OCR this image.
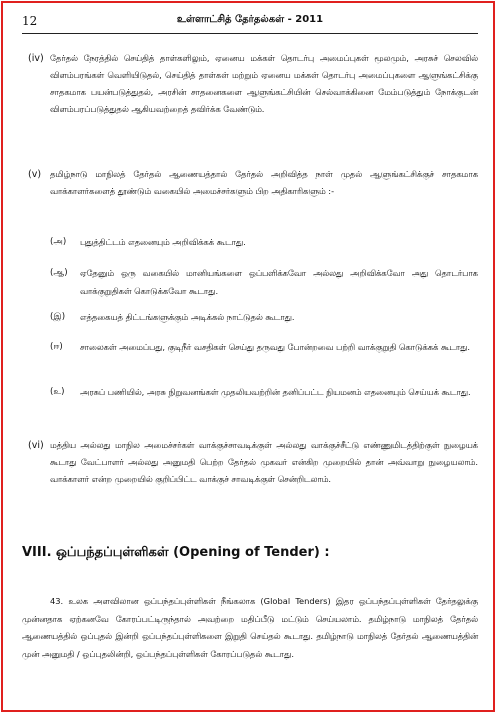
12	உள்ளாட்சித் தேர்தல்கள் - 2011
(iv) தேர்தல் நேரத்தில் செய்தித் தாள்களிலும், ஏனைய மக்கள் தொடர்பு அமைப்புகள் மூலமும், அரசுச் செலவில் விளம்பரங்கள் வெளியிடுதல், செய்தித் தாள்கள் மற்றும் ஏனைய மக்கள் தொடர்பு அமைப்புகளை ஆளுங்கட்சிக்கு சாதகமாக பயன்படுத்துதல், அரசின் சாதனைகளை ஆளுங்கட்சியின் செல்வாக்கினை மேம்படுத்தும் நோக்குடன் விளம்பரப்படுத்துதல் ஆகியவற்றைத் தவிர்க்க வேண்டும்.
(v) தமிழ்நாடு மாநிலத் தேர்தல் ஆணையத்தால் தேர்தல் அறிவித்த நாள் முதல் ஆளுங்கட்சிக்குச் சாதகமாக வாக்காளர்களைத் தூண்டும் வகையில் அமைச்சர்களும் பிற அதிகாரிகளும் :-
(அ) புதுத்திட்டம் எதனையும் அறிவிக்கக் கூடாது.
(ஆ) ஏதேனும் ஒரு வகையில் மானியங்களை ஒப்பளிக்கவோ அல்லது அறிவிக்கவோ அது தொடர்பாக வாக்குறுதிகள் கொடுக்கவோ கூடாது.
(இ) எத்தகையத் திட்டங்களுக்கும் அடிக்கல் நாட்டுதல் கூடாது.
(ஈ) சாலைகள் அமைப்பது, குடிநீர் வசதிகள் செய்து தருவது போன்றவை பற்றி வாக்குறுதி கொடுக்கக் கூடாது.
(உ) அரசுப் பணியில், அரசு நிறுவனங்கள் முதலியவற்றின் தனிப்பட்ட நியமனம் எதனையும் செய்யக் கூடாது.
(vi) மத்திய அல்லது மாநில அமைச்சர்கள் வாக்குச்சாவடிக்குள் அல்லது வாக்குச்சீட்டு எண்ணுமிடத்திற்குள் நுழையக் கூடாது வேட்பாளர் அல்லது அனுமதி பெற்ற தேர்தல் முகவர் என்கிற முறையில் தான் அவ்வாறு நுழையலாம். வாக்காளர் என்ற முறையில் குறிப்பிட்ட வாக்குச் சாவடிக்குள் சென்றிடலாம்.
VIII. ஒப்பந்தப்புள்ளிகள் (Opening of Tender) :
43. உலக அளவிலான ஒப்பந்தப்புள்ளிகள் நீங்கலாக (Global Tenders) இதர ஒப்பந்தப்புள்ளிகள் தேர்தலுக்கு முன்னதாக ஏற்கனவே கோரப்பட்டிருந்தால் அவற்றை மதிப்பீடு மட்டும் செய்யலாம். தமிழ்நாடு மாநிலத் தேர்தல் ஆணையத்தில் ஒப்புதல் இன்றி ஒப்பந்தப்புள்ளிகளை இறுதி செய்தல் கூடாது. தமிழ்நாடு மாநிலத் தேர்தல் ஆணையத்தின் முன் அனுமதி / ஒப்புதலின்றி, ஒப்பந்தப்புள்ளிகள் கோரப்படுதல் கூடாது.
